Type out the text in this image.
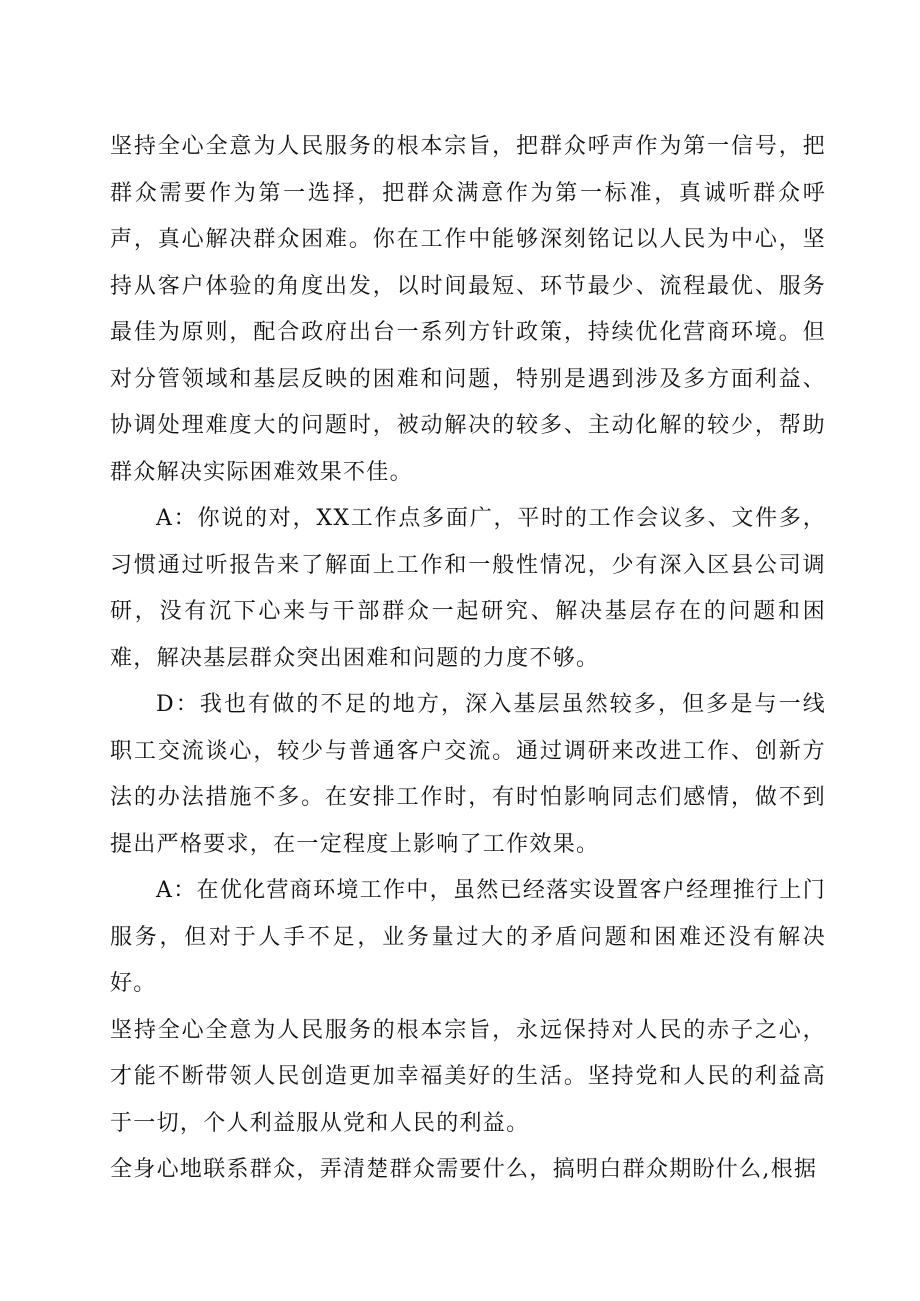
坚持全心全意为人民服务的根本宗旨，把群众呼声作为第一信号，把群众需要作为第一选择，把群众满意作为第一标准，真诚听群众呼声，真心解决群众困难。你在工作中能够深刻铭记以人民为中心，坚持从客户体验的角度出发，以时间最短、环节最少、流程最优、服务最佳为原则，配合政府出台一系列方针政策，持续优化营商环境。但对分管领域和基层反映的困难和问题，特别是遇到涉及多方面利益、协调处理难度大的问题时，被动解决的较多、主动化解的较少，帮助群众解决实际困难效果不佳。

A：你说的对，XX工作点多面广，平时的工作会议多、文件多，习惯通过听报告来了解面上工作和一般性情况，少有深入区县公司调研，没有沉下心来与干部群众一起研究、解决基层存在的问题和困难，解决基层群众突出困难和问题的力度不够。

D：我也有做的不足的地方，深入基层虽然较多，但多是与一线职工交流谈心，较少与普通客户交流。通过调研来改进工作、创新方法的办法措施不多。在安排工作时，有时怕影响同志们感情，做不到提出严格要求，在一定程度上影响了工作效果。

A：在优化营商环境工作中，虽然已经落实设置客户经理推行上门服务，但对于人手不足，业务量过大的矛盾问题和困难还没有解决好。

坚持全心全意为人民服务的根本宗旨，永远保持对人民的赤子之心，才能不断带领人民创造更加幸福美好的生活。坚持党和人民的利益高于一切，个人利益服从党和人民的利益。

全身心地联系群众，弄清楚群众需要什么，搞明白群众期盼什么,根据
